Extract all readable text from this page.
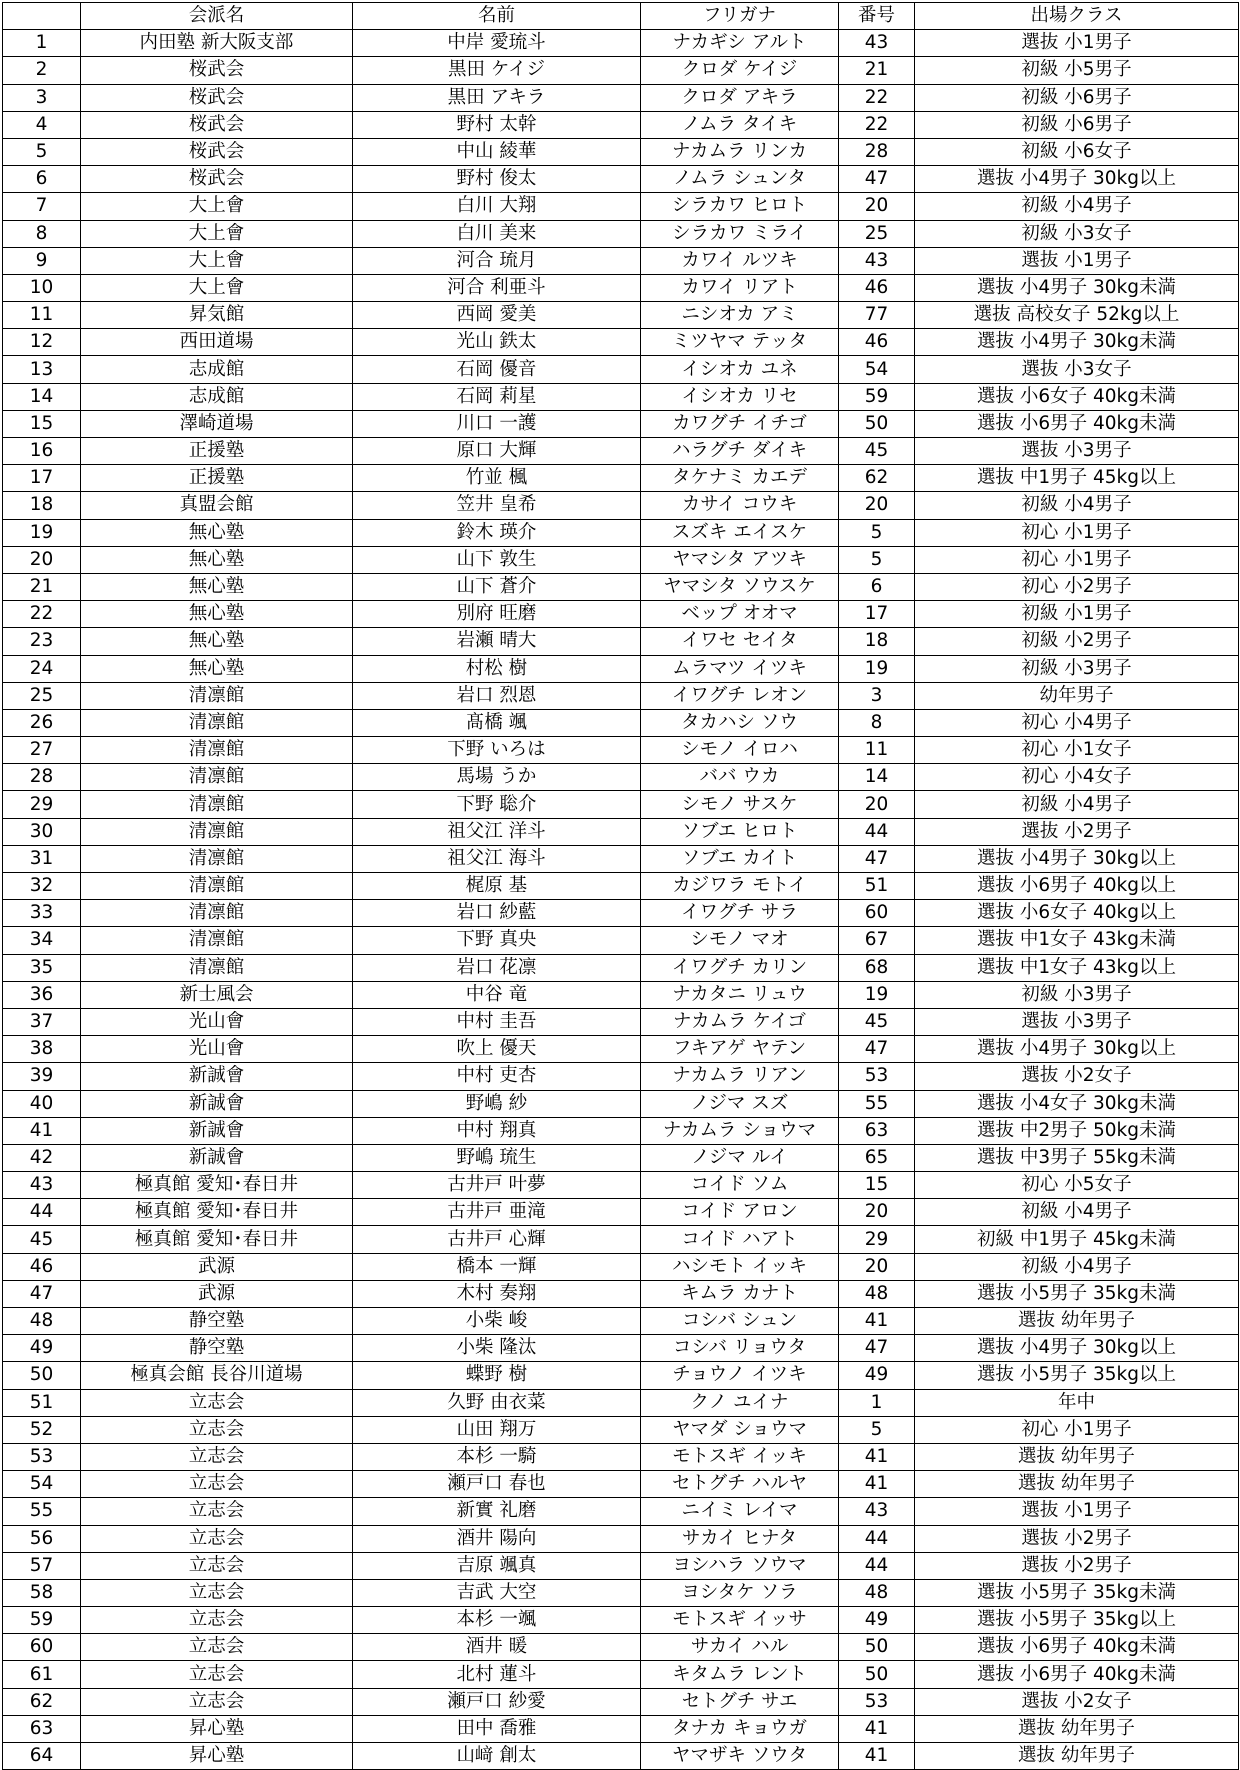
	会派名	名前	フリガナ	番号	出場クラス
1	内田塾 新大阪支部	中岸 愛琉斗	ナカギシ アルト	43	選抜 小1男子
2	桜武会	黒田 ケイジ	クロダ ケイジ	21	初級 小5男子
3	桜武会	黒田 アキラ	クロダ アキラ	22	初級 小6男子
4	桜武会	野村 太幹	ノムラ タイキ	22	初級 小6男子
5	桜武会	中山 綾華	ナカムラ リンカ	28	初級 小6女子
6	桜武会	野村 俊太	ノムラ シュンタ	47	選抜 小4男子 30kg以上
7	大上會	白川 大翔	シラカワ ヒロト	20	初級 小4男子
8	大上會	白川 美来	シラカワ ミライ	25	初級 小3女子
9	大上會	河合 琉月	カワイ ルツキ	43	選抜 小1男子
10	大上會	河合 利亜斗	カワイ リアト	46	選抜 小4男子 30kg未満
11	昇気館	西岡 愛美	ニシオカ アミ	77	選抜 高校女子 52kg以上
12	西田道場	光山 鉄太	ミツヤマ テッタ	46	選抜 小4男子 30kg未満
13	志成館	石岡 優音	イシオカ ユネ	54	選抜 小3女子
14	志成館	石岡 莉星	イシオカ リセ	59	選抜 小6女子 40kg未満
15	澤崎道場	川口 一護	カワグチ イチゴ	50	選抜 小6男子 40kg未満
16	正援塾	原口 大輝	ハラグチ ダイキ	45	選抜 小3男子
17	正援塾	竹並 楓	タケナミ カエデ	62	選抜 中1男子 45kg以上
18	真盟会館	笠井 皇希	カサイ コウキ	20	初級 小4男子
19	無心塾	鈴木 瑛介	スズキ エイスケ	5	初心 小1男子
20	無心塾	山下 敦生	ヤマシタ アツキ	5	初心 小1男子
21	無心塾	山下 蒼介	ヤマシタ ソウスケ	6	初心 小2男子
22	無心塾	別府 旺磨	ベップ オオマ	17	初級 小1男子
23	無心塾	岩瀬 晴大	イワセ セイタ	18	初級 小2男子
24	無心塾	村松 樹	ムラマツ イツキ	19	初級 小3男子
25	清凛館	岩口 烈恩	イワグチ レオン	3	幼年男子
26	清凛館	髙橋 颯	タカハシ ソウ	8	初心 小4男子
27	清凛館	下野 いろは	シモノ イロハ	11	初心 小1女子
28	清凛館	馬場 うか	ババ ウカ	14	初心 小4女子
29	清凛館	下野 聡介	シモノ サスケ	20	初級 小4男子
30	清凛館	祖父江 洋斗	ソブエ ヒロト	44	選抜 小2男子
31	清凛館	祖父江 海斗	ソブエ カイト	47	選抜 小4男子 30kg以上
32	清凛館	梶原 基	カジワラ モトイ	51	選抜 小6男子 40kg以上
33	清凛館	岩口 紗藍	イワグチ サラ	60	選抜 小6女子 40kg以上
34	清凛館	下野 真央	シモノ マオ	67	選抜 中1女子 43kg未満
35	清凛館	岩口 花凛	イワグチ カリン	68	選抜 中1女子 43kg以上
36	新士風会	中谷 竜	ナカタニ リュウ	19	初級 小3男子
37	光山會	中村 圭吾	ナカムラ ケイゴ	45	選抜 小3男子
38	光山會	吹上 優天	フキアゲ ヤテン	47	選抜 小4男子 30kg以上
39	新誠會	中村 吏杏	ナカムラ リアン	53	選抜 小2女子
40	新誠會	野嶋 紗	ノジマ スズ	55	選抜 小4女子 30kg未満
41	新誠會	中村 翔真	ナカムラ ショウマ	63	選抜 中2男子 50kg未満
42	新誠會	野嶋 琉生	ノジマ ルイ	65	選抜 中3男子 55kg未満
43	極真館 愛知･春日井	古井戸 叶夢	コイド ソム	15	初心 小5女子
44	極真館 愛知･春日井	古井戸 亜滝	コイド アロン	20	初級 小4男子
45	極真館 愛知･春日井	古井戸 心輝	コイド ハアト	29	初級 中1男子 45kg未満
46	武源	橋本 一輝	ハシモト イッキ	20	初級 小4男子
47	武源	木村 奏翔	キムラ カナト	48	選抜 小5男子 35kg未満
48	静空塾	小柴 峻	コシバ シュン	41	選抜 幼年男子
49	静空塾	小柴 隆汰	コシバ リョウタ	47	選抜 小4男子 30kg以上
50	極真会館 長谷川道場	蝶野 樹	チョウノ イツキ	49	選抜 小5男子 35kg以上
51	立志会	久野 由衣菜	クノ ユイナ	1	年中
52	立志会	山田 翔万	ヤマダ ショウマ	5	初心 小1男子
53	立志会	本杉 一騎	モトスギ イッキ	41	選抜 幼年男子
54	立志会	瀬戸口 春也	セトグチ ハルヤ	41	選抜 幼年男子
55	立志会	新實 礼磨	ニイミ レイマ	43	選抜 小1男子
56	立志会	酒井 陽向	サカイ ヒナタ	44	選抜 小2男子
57	立志会	吉原 颯真	ヨシハラ ソウマ	44	選抜 小2男子
58	立志会	吉武 大空	ヨシタケ ソラ	48	選抜 小5男子 35kg未満
59	立志会	本杉 一颯	モトスギ イッサ	49	選抜 小5男子 35kg以上
60	立志会	酒井 暖	サカイ ハル	50	選抜 小6男子 40kg未満
61	立志会	北村 蓮斗	キタムラ レント	50	選抜 小6男子 40kg未満
62	立志会	瀬戸口 紗愛	セトグチ サエ	53	選抜 小2女子
63	昇心塾	田中 喬雅	タナカ キョウガ	41	選抜 幼年男子
64	昇心塾	山﨑 創太	ヤマザキ ソウタ	41	選抜 幼年男子
